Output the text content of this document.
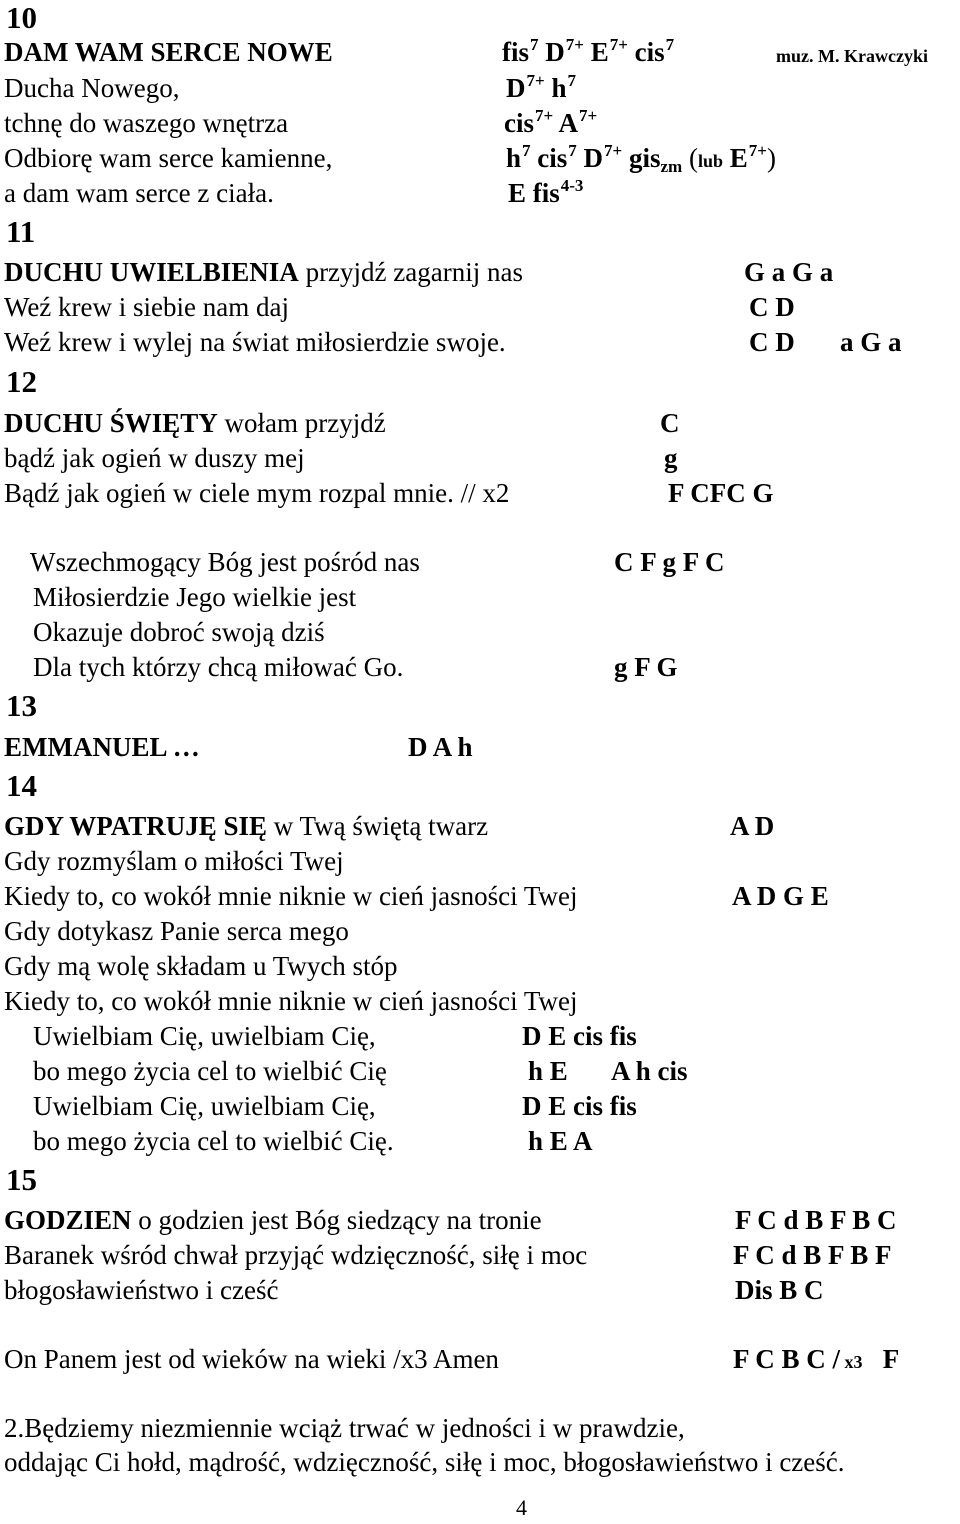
10
DAM WAM SERCE NOWE	fis$^7$ $D^{7+}$ $E^{7+}$ cis$^7$
muz. M. Krawczyki
Ducha Nowego,	$D^{7+}$ $h^7$
tchnę do waszego wnętrza	cis$^{7+}$ $A^{7+}$
Odbiorę wam serce kamienne,	$h^7$ cis$^7$ $D^{7+}$ gis$_{zm}$ (lub $E^{7+}$)
a dam wam serce z ciała.	E fis$^{4-3}$
11
DUCHU UWIELBIENIA przyjdź zagarnij nas	G a G a
Weź krew i siebie nam daj	C D
Weź krew i wylej na świat miłosierdzie swoje.	C D a G a
12
DUCHU ŚWIĘTY wołam przyjdź	C
bądź jak ogień w duszy mej	g
Bądź jak ogień w ciele mym rozpal mnie. // x2	F CFC G
Wszechmogący Bóg jest pośród nas	C F g F C
Miłosierdzie Jego wielkie jest
Okazuje dobroć swoją dziś
Dla tych którzy chcą miłować Go.	g F G
13
EMMANUEL …	D A h
14
GDY WPATRUJĘ SIĘ w Twą świętą twarz	A D
Gdy rozmyślam o miłości Twej
Kiedy to, co wokół mnie niknie w cień jasności Twej	A D G E
Gdy dotykasz Panie serca mego
Gdy mą wolę składam u Twych stóp
Kiedy to, co wokół mnie niknie w cień jasności Twej
Uwielbiam Cię, uwielbiam Cię,	D E cis fis
bo mego życia cel to wielbić Cię	h E A h cis
Uwielbiam Cię, uwielbiam Cię,	D E cis fis
bo mego życia cel to wielbić Cię.	h E A
15
GODZIEN o godzien jest Bóg siedzący na tronie	F C d B F B C
Baranek wśród chwał przyjąć wdzięczność, siłę i moc	F C d B F B F
błogosławieństwo i cześć	Dis B C
On Panem jest od wieków na wieki /x3 Amen	F C B C / x3   F
2.Będziemy niezmiennie wciąż trwać w jedności i w prawdzie,
oddając Ci hołd, mądrość, wdzięczność, siłę i moc, błogosławieństwo i cześć.
4
